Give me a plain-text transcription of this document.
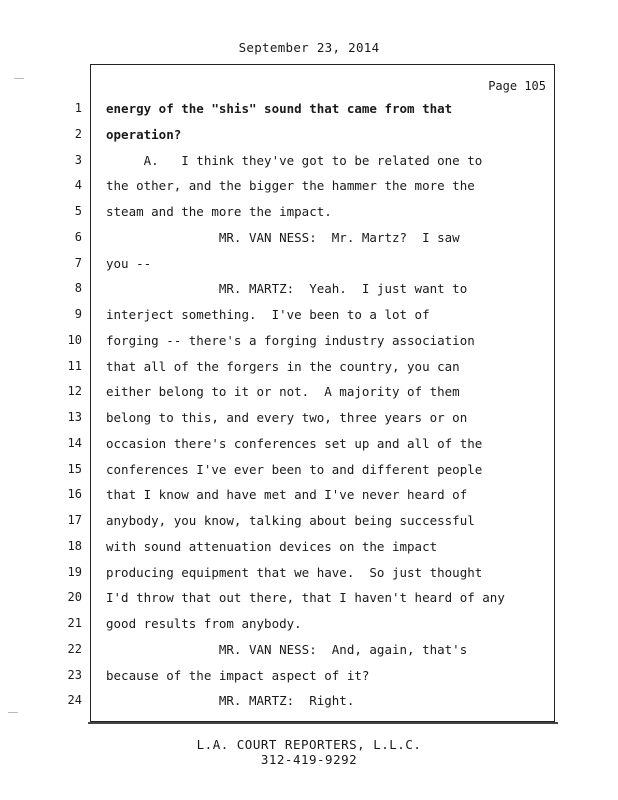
September 23, 2014
Page 105
1 energy of the "shis" sound that came from that
2 operation?
3 A.   I think they've got to be related one to
4 the other, and the bigger the hammer the more the
5 steam and the more the impact.
6 MR. VAN NESS:  Mr. Martz?  I saw
7 you --
8 MR. MARTZ:  Yeah.  I just want to
9 interject something.  I've been to a lot of
10 forging -- there's a forging industry association
11 that all of the forgers in the country, you can
12 either belong to it or not.  A majority of them
13 belong to this, and every two, three years or on
14 occasion there's conferences set up and all of the
15 conferences I've ever been to and different people
16 that I know and have met and I've never heard of
17 anybody, you know, talking about being successful
18 with sound attenuation devices on the impact
19 producing equipment that we have.  So just thought
20 I'd throw that out there, that I haven't heard of any
21 good results from anybody.
22 MR. VAN NESS:  And, again, that's
23 because of the impact aspect of it?
24 MR. MARTZ:  Right.
L.A. COURT REPORTERS, L.L.C.
312-419-9292
